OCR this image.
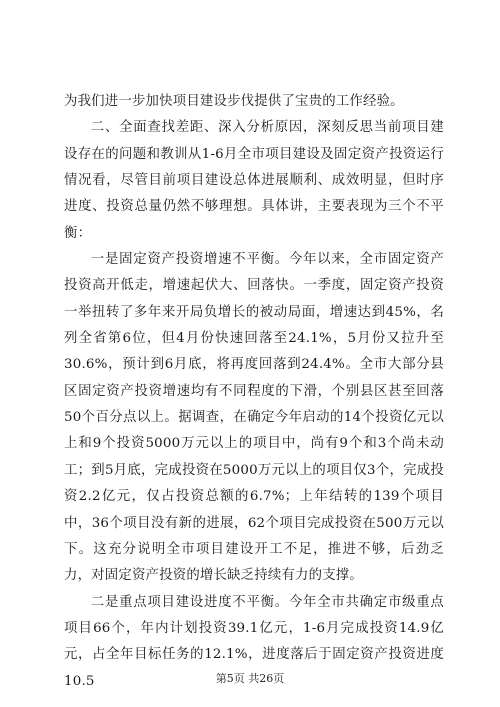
为我们进一步加快项目建设步伐提供了宝贵的工作经验。

二、全面查找差距、深入分析原因，深刻反思当前项目建设存在的问题和教训从1-6月全市项目建设及固定资产投资运行情况看，尽管目前项目建设总体进展顺利、成效明显，但时序进度、投资总量仍然不够理想。具体讲，主要表现为三个不平衡：

一是固定资产投资增速不平衡。今年以来，全市固定资产投资高开低走，增速起伏大、回落快。一季度，固定资产投资一举扭转了多年来开局负增长的被动局面，增速达到45%，名列全省第6位，但4月份快速回落至24.1%，5月份又拉升至30.6%，预计到6月底，将再度回落到24.4%。全市大部分县区固定资产投资增速均有不同程度的下滑，个别县区甚至回落50个百分点以上。据调查，在确定今年启动的14个投资亿元以上和9个投资5000万元以上的项目中，尚有9个和3个尚未动工；到5月底，完成投资在5000万元以上的项目仅3个，完成投资2.2亿元，仅占投资总额的6.7%；上年结转的139个项目中，36个项目没有新的进展，62个项目完成投资在500万元以下。这充分说明全市项目建设开工不足，推进不够，后劲乏力，对固定资产投资的增长缺乏持续有力的支撑。

二是重点项目建设进度不平衡。今年全市共确定市级重点项目66个，年内计划投资39.1亿元，1-6月完成投资14.9亿元，占全年目标任务的12.1%，进度落后于固定资产投资进度10.5	第5页 共26页
